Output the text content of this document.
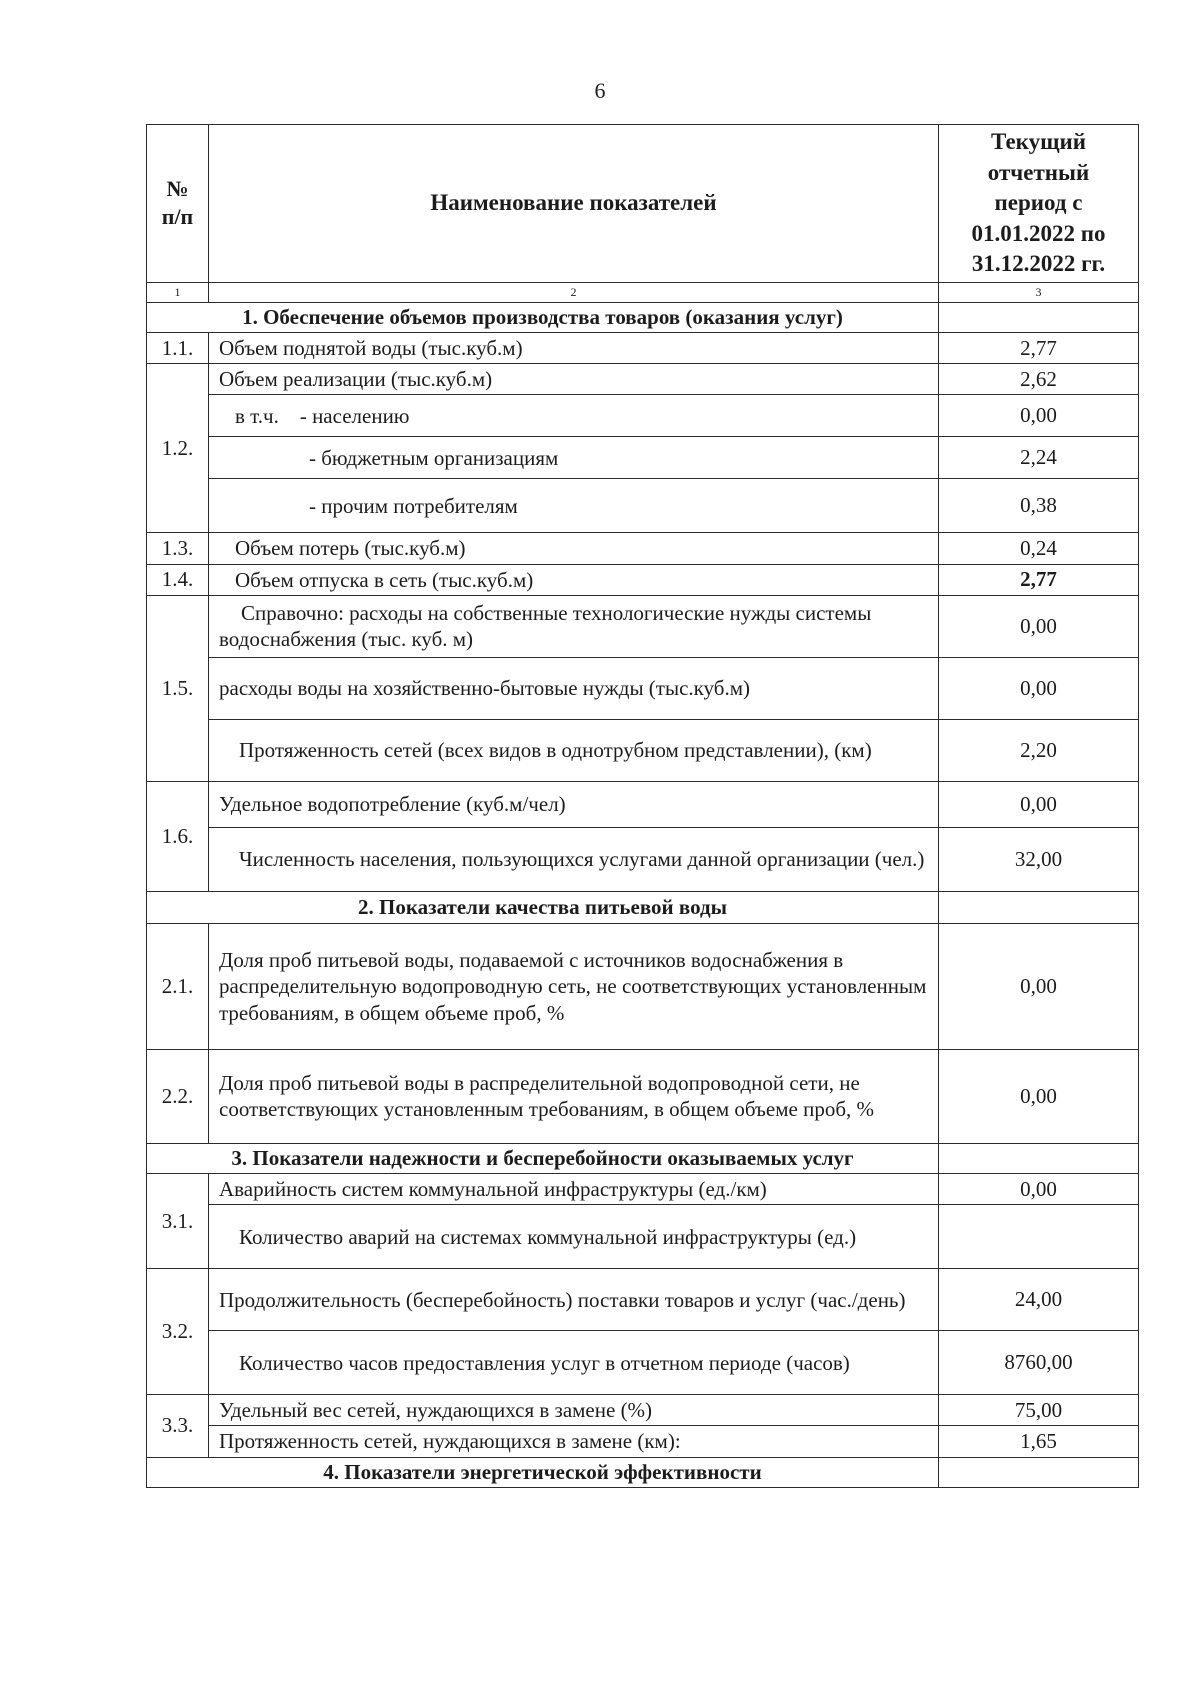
6
№ п/п	Наименование показателей	Текущий отчетный период с 01.01.2022 по 31.12.2022 гг.
1	2	3
1. Обеспечение объемов производства товаров (оказания услуг)		
1.1.	Объем поднятой воды (тыс.куб.м)	2,77
1.2.	Объем реализации (тыс.куб.м)	2,62
	в т.ч.    - населению	0,00
	- бюджетным организациям	2,24
	- прочим потребителям	0,38
1.3.	Объем потерь (тыс.куб.м)	0,24
1.4.	Объем отпуска в сеть (тыс.куб.м)	2,77
1.5.	Справочно: расходы на собственные технологические нужды системы водоснабжения (тыс. куб. м)	0,00
	расходы воды на хозяйственно-бытовые нужды (тыс.куб.м)	0,00
	Протяженность сетей (всех видов в однотрубном представлении), (км)	2,20
1.6.	Удельное водопотребление (куб.м/чел)	0,00
	Численность населения, пользующихся услугами данной организации (чел.)	32,00
2. Показатели качества питьевой воды		
2.1.	Доля проб питьевой воды, подаваемой с источников водоснабжения в распределительную водопроводную сеть, не соответствующих установленным требованиям, в общем объеме проб, %	0,00
2.2.	Доля проб питьевой воды в распределительной водопроводной сети, не соответствующих установленным требованиям, в общем объеме проб, %	0,00
3. Показатели надежности и бесперебойности оказываемых услуг		
3.1.	Аварийность систем коммунальной инфраструктуры (ед./км)	0,00
	Количество аварий на системах коммунальной инфраструктуры (ед.)	
3.2.	Продолжительность (бесперебойность) поставки товаров и услуг (час./день)	24,00
	Количество часов предоставления услуг в отчетном периоде (часов)	8760,00
3.3.	Удельный вес сетей, нуждающихся в замене (%)	75,00
	Протяженность сетей, нуждающихся в замене (км):	1,65
4. Показатели энергетической эффективности		
